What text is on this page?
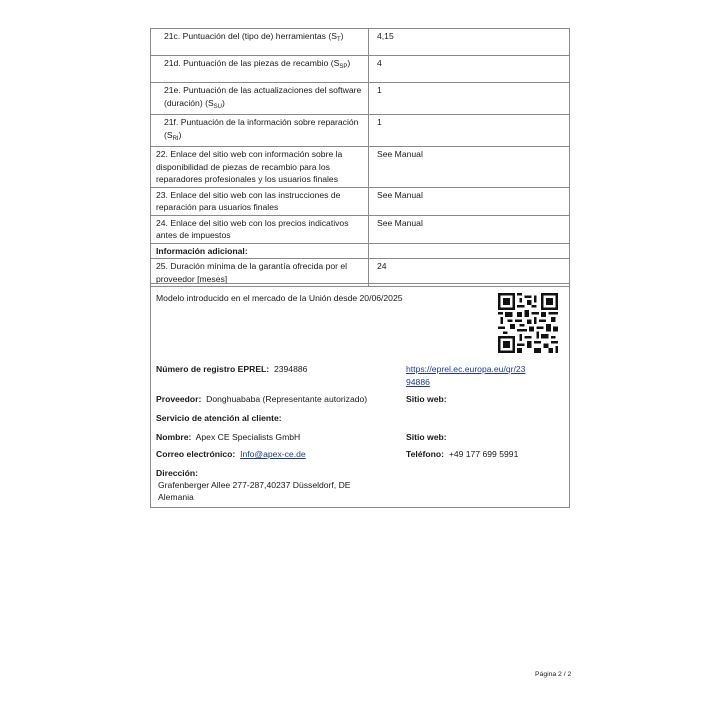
21c. Puntuación del (tipo de) herramientas $(S_T)$	4,15
21d. Puntuación de las piezas de recambio $(S_{SP})$	4
21e. Puntuación de las actualizaciones del software (duración) $(S_{SU})$	1
21f. Puntuación de la información sobre reparación $(S_{RI})$	1
22. Enlace del sitio web con información sobre la disponibilidad de piezas de recambio para los reparadores profesionales y los usuarios finales	See Manual
23. Enlace del sitio web con las instrucciones de reparación para usuarios finales	See Manual
24. Enlace del sitio web con los precios indicativos antes de impuestos	See Manual
Información adicional:	
25. Duración mínima de la garantía ofrecida por el proveedor [meses]	24
Modelo introducido en el mercado de la Unión desde 20/06/2025
Número de registro EPREL: 2394886	https://eprel.ec.europa.eu/qr/23
94886
Proveedor: Donghuababa (Representante autorizado)	Sitio web:
Servicio de atención al cliente:
Nombre: Apex CE Specialists GmbH	Sitio web:
Correo electrónico: Info@apex-ce.de	Teléfono: +49 177 699 5991
Dirección:
Grafenberger Allee 277-287,40237 Düsseldorf, DE
Alemania
Página 2 / 2
